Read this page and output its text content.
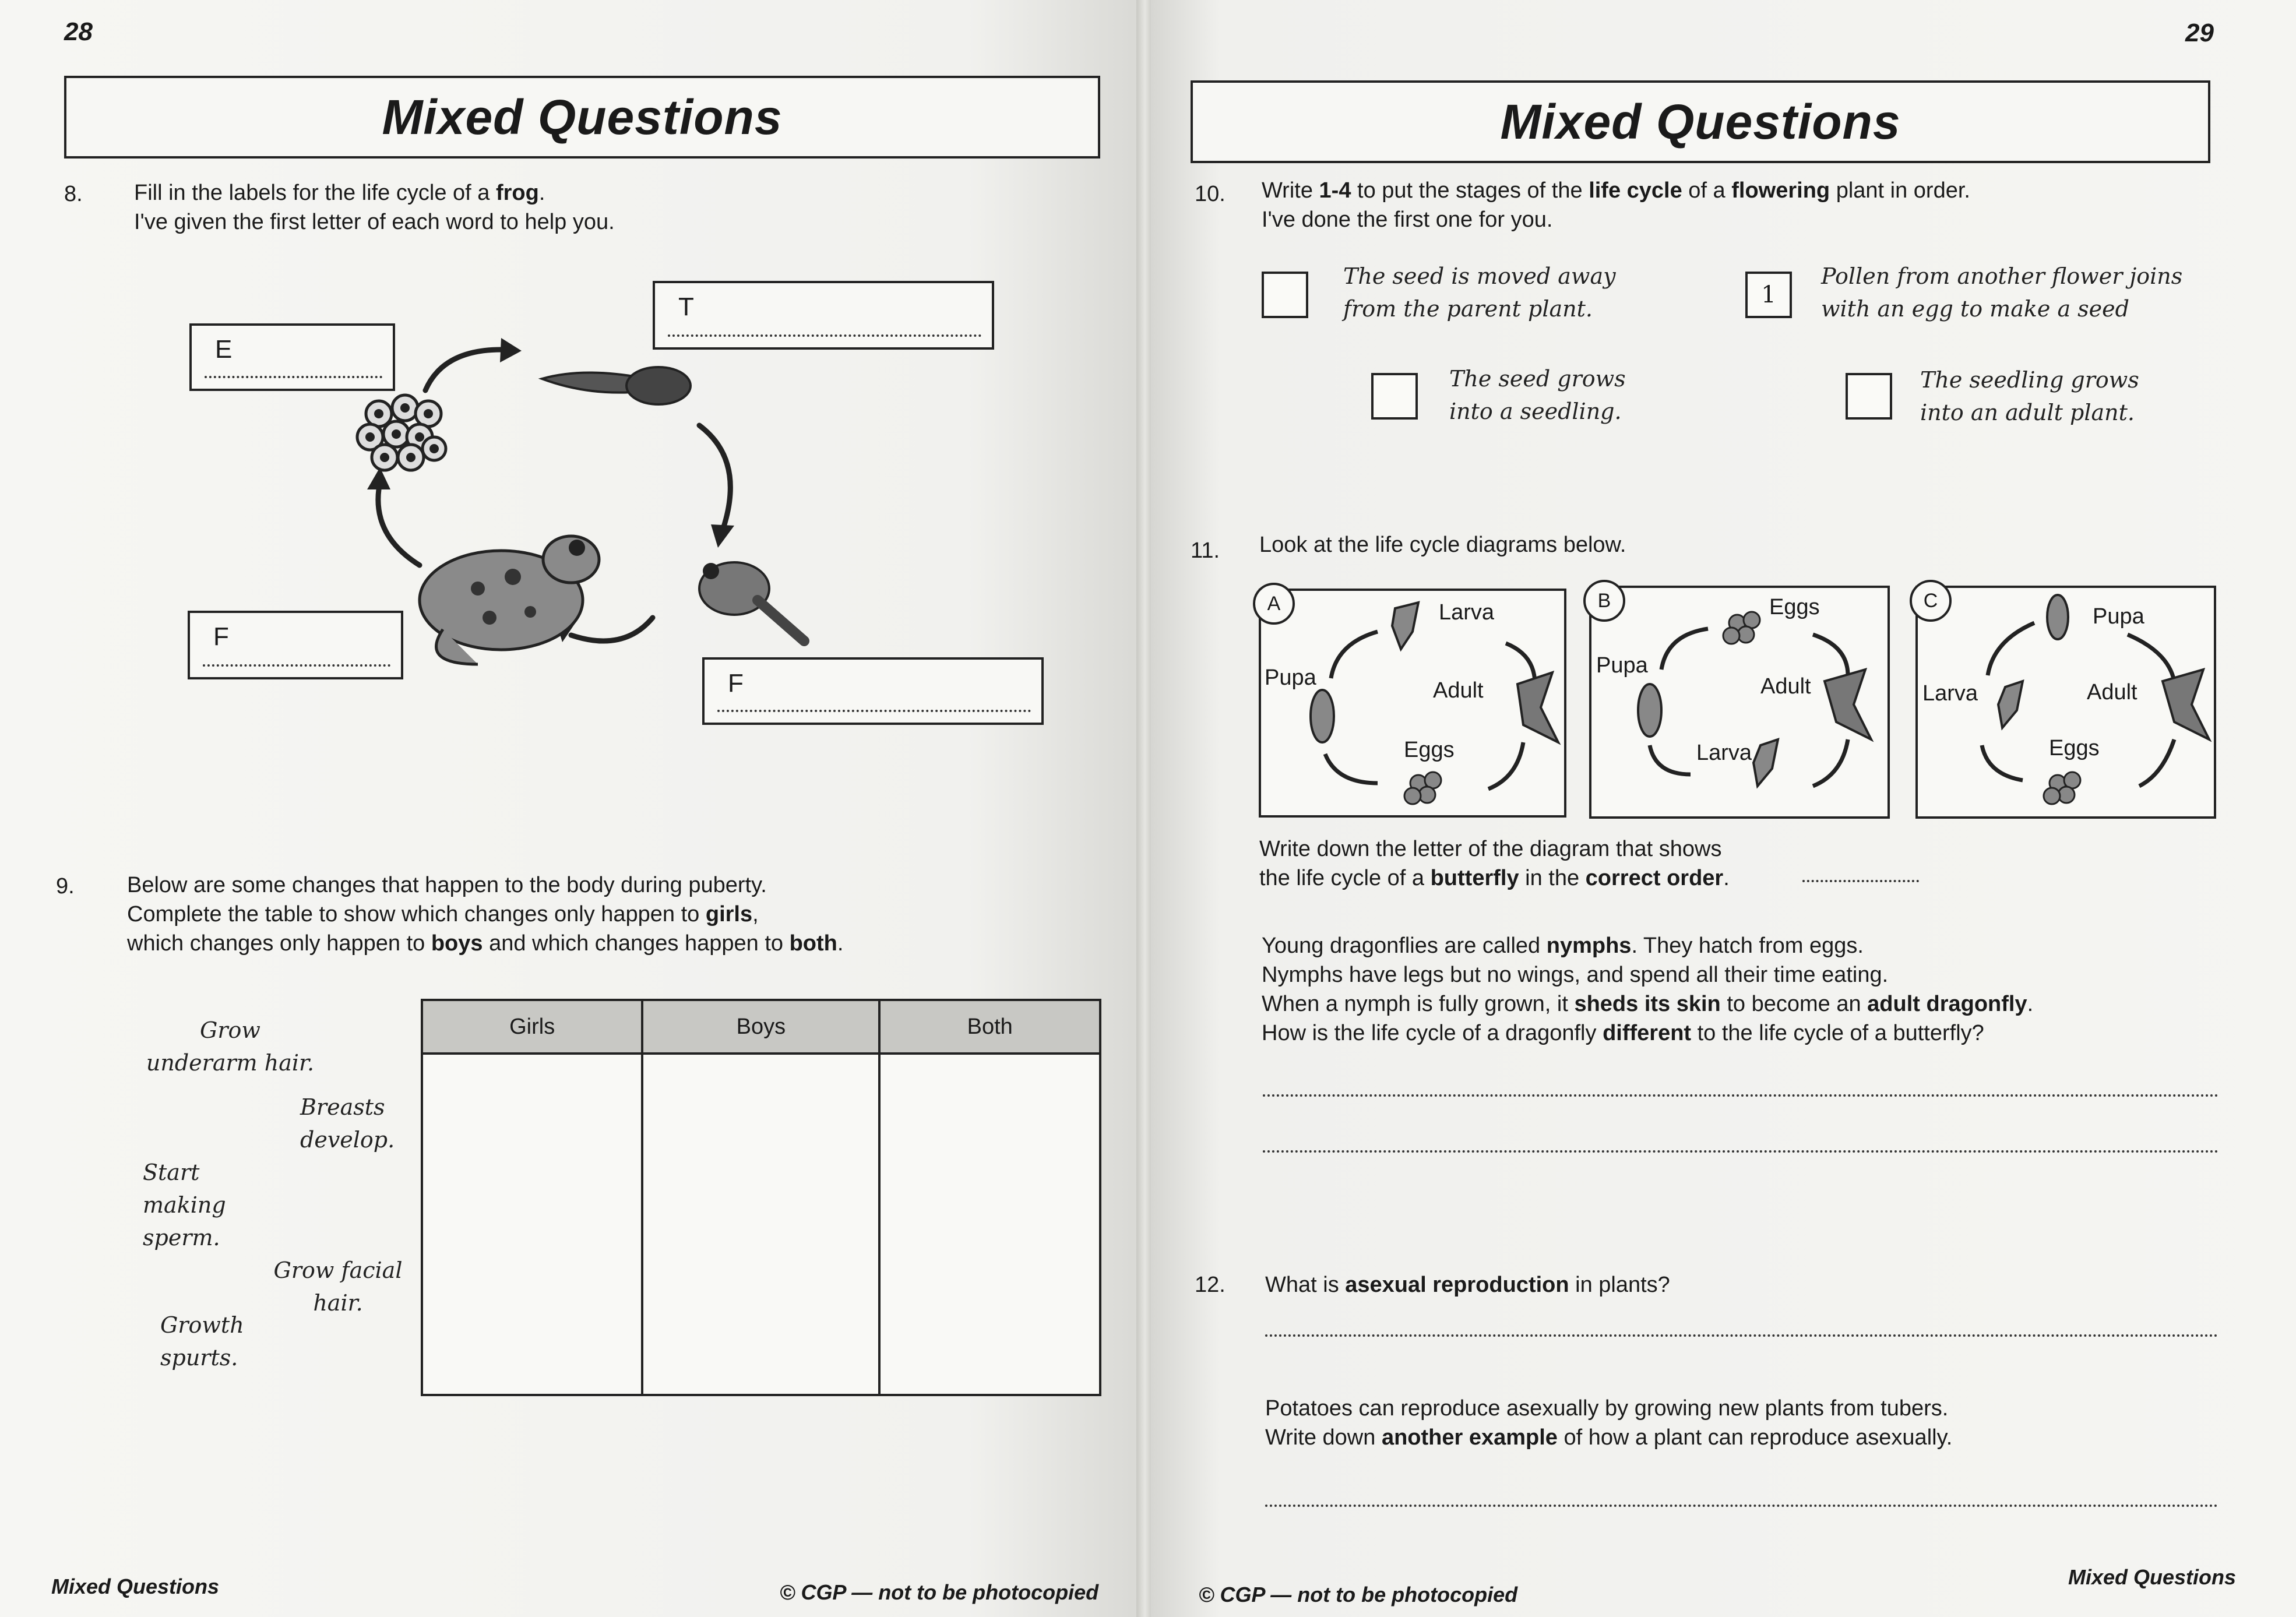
28
Mixed Questions
8. Fill in the labels for the life cycle of a frog.
I've given the first letter of each word to help you.
E
T
F
F
9. Below are some changes that happen to the body during puberty.
Complete the table to show which changes only happen to girls,
which changes only happen to boys and which changes happen to both.
Grow underarm hair.
Breasts develop.
Start making sperm.
Grow facial hair.
Growth spurts.
Girls	Boys	Both

Mixed Questions	© CGP — not to be photocopied
29
Mixed Questions
10. Write 1-4 to put the stages of the life cycle of a flowering plant in order.
I've done the first one for you.
The seed is moved away
from the parent plant.
1
Pollen from another flower joins
with an egg to make a seed
The seed grows
into a seedling.
The seedling grows
into an adult plant.
11. Look at the life cycle diagrams below.
A	Larva
Adult
Eggs
Pupa
B	Eggs
Adult
Larva
Pupa
C
Pupa
Adult
Eggs
Larva
Write down the letter of the diagram that shows
the life cycle of a butterfly in the correct order.
Young dragonflies are called nymphs. They hatch from eggs.
Nymphs have legs but no wings, and spend all their time eating.
When a nymph is fully grown, it sheds its skin to become an adult dragonfly.
How is the life cycle of a dragonfly different to the life cycle of a butterfly?
12. What is asexual reproduction in plants?
Potatoes can reproduce asexually by growing new plants from tubers.
Write down another example of how a plant can reproduce asexually.
© CGP — not to be photocopied
Mixed Questions
